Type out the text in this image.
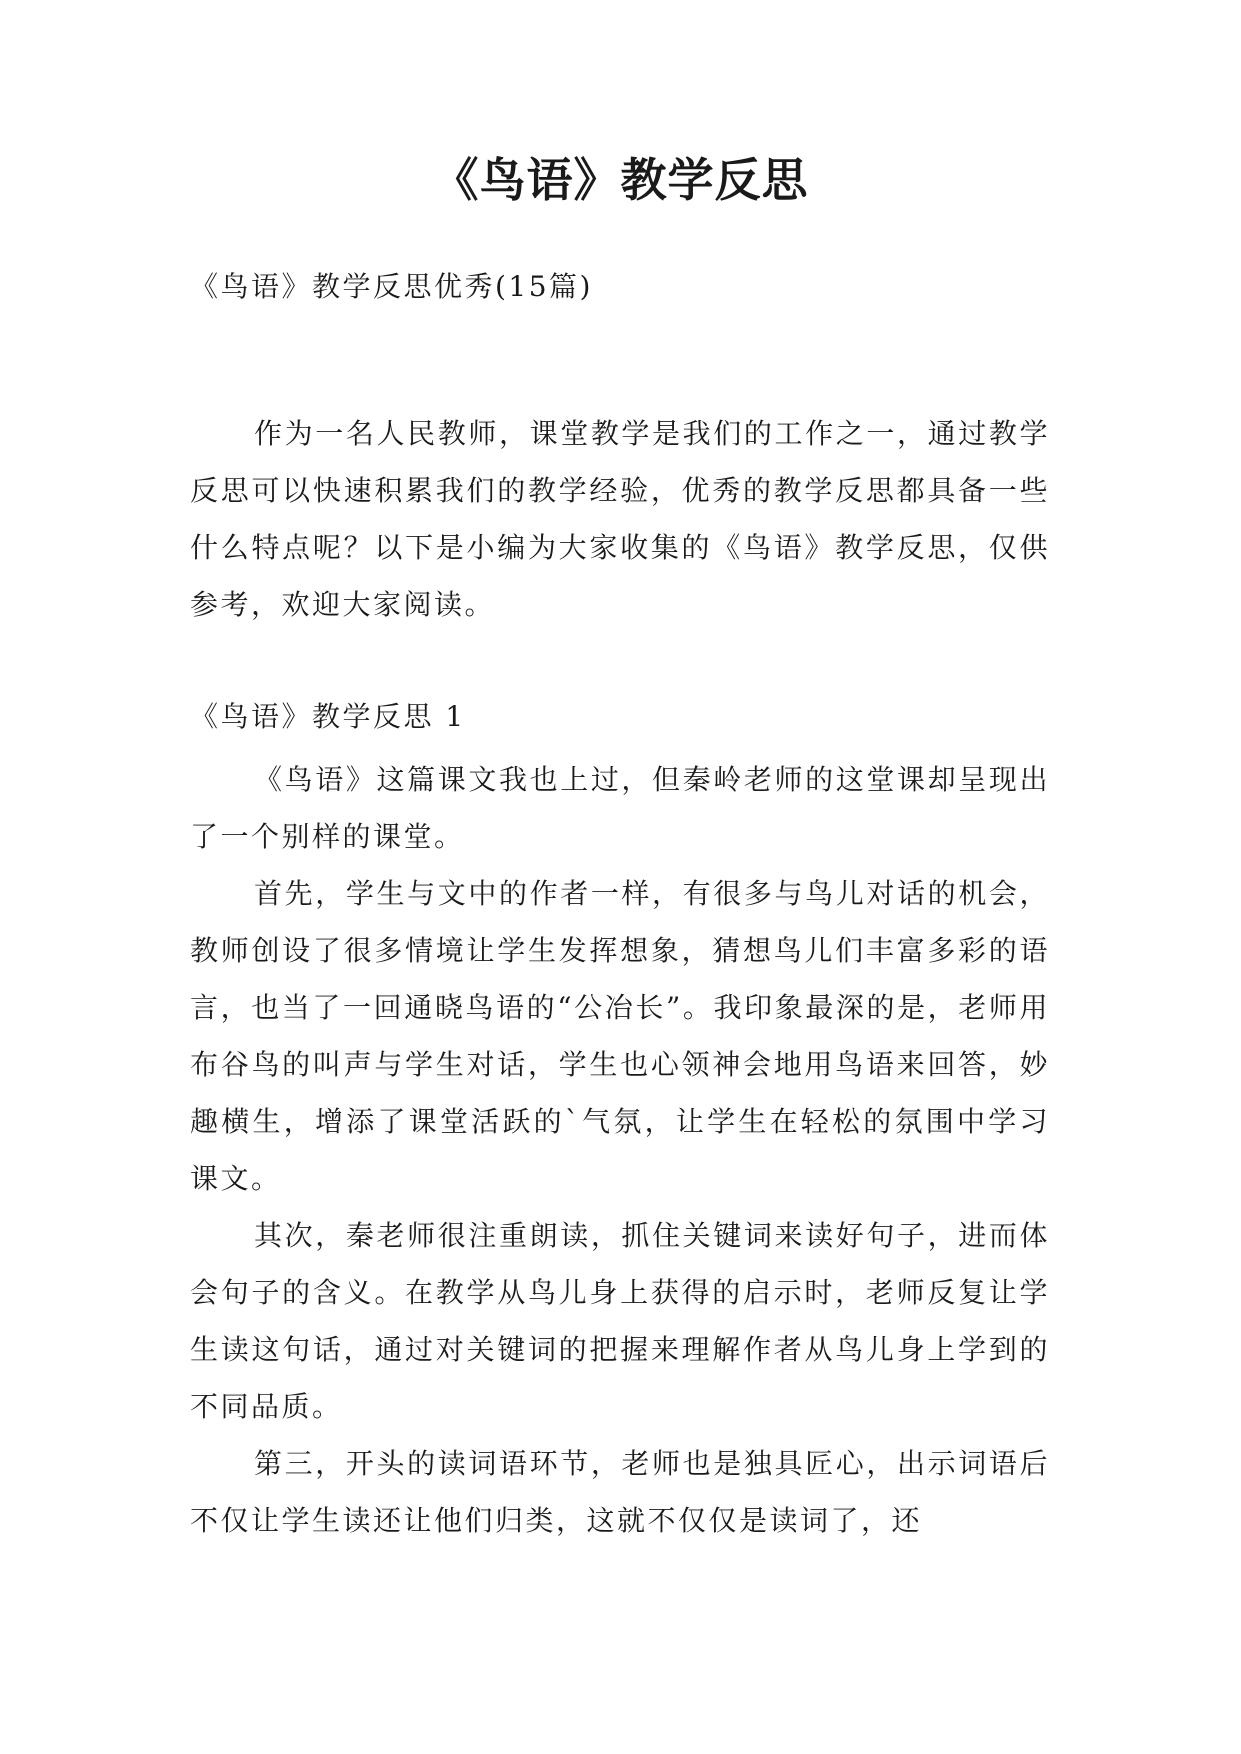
《鸟语》教学反思

《鸟语》教学反思优秀(15篇)

作为一名人民教师，课堂教学是我们的工作之一，通过教学反思可以快速积累我们的教学经验，优秀的教学反思都具备一些什么特点呢？以下是小编为大家收集的《鸟语》教学反思，仅供参考，欢迎大家阅读。

《鸟语》教学反思 1

《鸟语》这篇课文我也上过，但秦岭老师的这堂课却呈现出了一个别样的课堂。

首先，学生与文中的作者一样，有很多与鸟儿对话的机会，教师创设了很多情境让学生发挥想象，猜想鸟儿们丰富多彩的语言，也当了一回通晓鸟语的“公冶长”。我印象最深的是，老师用布谷鸟的叫声与学生对话，学生也心领神会地用鸟语来回答，妙趣横生，增添了课堂活跃的`气氛，让学生在轻松的氛围中学习课文。

其次，秦老师很注重朗读，抓住关键词来读好句子，进而体会句子的含义。在教学从鸟儿身上获得的启示时，老师反复让学生读这句话，通过对关键词的把握来理解作者从鸟儿身上学到的不同品质。

第三，开头的读词语环节，老师也是独具匠心，出示词语后不仅让学生读还让他们归类，这就不仅仅是读词了，还
